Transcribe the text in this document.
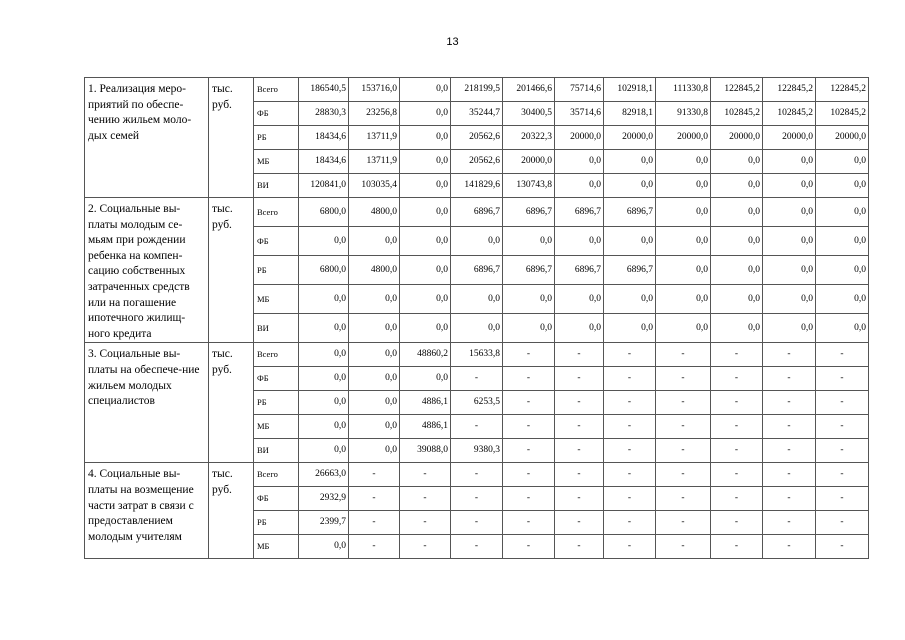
13
1. Реализация меро-приятий по обеспе-чению жильем моло-дых семей	тыс. руб.	Всего	186540,5	153716,0	0,0	218199,5	201466,6	75714,6	102918,1	111330,8	122845,2	122845,2	122845,2
		ФБ	28830,3	23256,8	0,0	35244,7	30400,5	35714,6	82918,1	91330,8	102845,2	102845,2	102845,2
		РБ	18434,6	13711,9	0,0	20562,6	20322,3	20000,0	20000,0	20000,0	20000,0	20000,0	20000,0
		МБ	18434,6	13711,9	0,0	20562,6	20000,0	0,0	0,0	0,0	0,0	0,0	0,0
		ВИ	120841,0	103035,4	0,0	141829,6	130743,8	0,0	0,0	0,0	0,0	0,0	0,0
2. Социальные вы-платы молодым се-мьям при рождении ребенка на компен-сацию собственных затраченных средств или на погашение ипотечного жилищ-ного кредита	тыс. руб.	Всего	6800,0	4800,0	0,0	6896,7	6896,7	6896,7	6896,7	0,0	0,0	0,0	0,0
		ФБ	0,0	0,0	0,0	0,0	0,0	0,0	0,0	0,0	0,0	0,0	0,0
		РБ	6800,0	4800,0	0,0	6896,7	6896,7	6896,7	6896,7	0,0	0,0	0,0	0,0
		МБ	0,0	0,0	0,0	0,0	0,0	0,0	0,0	0,0	0,0	0,0	0,0
		ВИ	0,0	0,0	0,0	0,0	0,0	0,0	0,0	0,0	0,0	0,0	0,0
3. Социальные вы-платы на обеспече-ние жильем молодых специалистов	тыс. руб.	Всего	0,0	0,0	48860,2	15633,8	-	-	-	-	-	-	-
		ФБ	0,0	0,0	0,0	-	-	-	-	-	-	-	-
		РБ	0,0	0,0	4886,1	6253,5	-	-	-	-	-	-	-
		МБ	0,0	0,0	4886,1	-	-	-	-	-	-	-	-
		ВИ	0,0	0,0	39088,0	9380,3	-	-	-	-	-	-	-
4. Социальные вы-платы на возмещение части затрат в связи с предоставлением молодым учителям	тыс. руб.	Всего	26663,0	-	-	-	-	-	-	-	-	-	-
		ФБ	2932,9	-	-	-	-	-	-	-	-	-	-
		РБ	2399,7	-	-	-	-	-	-	-	-	-	-
		МБ	0,0	-	-	-	-	-	-	-	-	-	-
